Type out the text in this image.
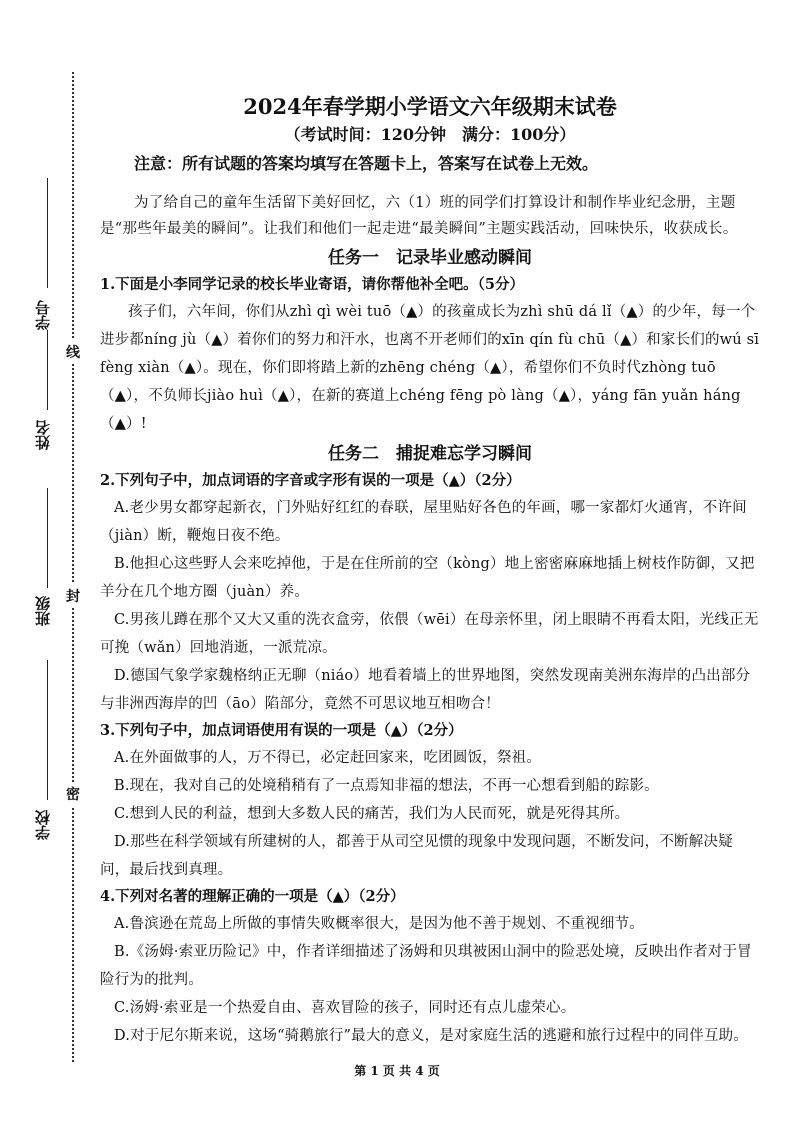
学号
姓名
班级
学校
线
封
密
2024年春学期小学语文六年级期末试卷
（考试时间：120分钟　满分：100分）
注意：所有试题的答案均填写在答题卡上，答案写在试卷上无效。
为了给自己的童年生活留下美好回忆，六（1）班的同学们打算设计和制作毕业纪念册，主题是“那些年最美的瞬间”。让我们和他们一起走进“最美瞬间”主题实践活动，回味快乐，收获成长。
任务一　记录毕业感动瞬间
1.下面是小李同学记录的校长毕业寄语，请你帮他补全吧。（5分）
孩子们，六年间，你们从zhì qì wèi tuō（▲）的孩童成长为zhì shū dá lǐ（▲）的少年，每一个进步都níng jù（▲）着你们的努力和汗水，也离不开老师们的xīn qín fù chū（▲）和家长们的wú sī fèng xiàn（▲）。现在，你们即将踏上新的zhēng chéng（▲），希望你们不负时代zhòng tuō（▲），不负师长jiào huì（▲），在新的赛道上chéng fēng pò làng（▲），yáng fān yuǎn háng（▲）!
任务二　捕捉难忘学习瞬间
2.下列句子中，加点词语的字音或字形有误的一项是（▲）（2分）
A.老少男女都穿起新衣，门外贴好红红的春联，屋里贴好各色的年画，哪一家都灯火通宵，不许间（jiàn）断，鞭炮日夜不绝。
B.他担心这些野人会来吃掉他，于是在住所前的空（kòng）地上密密麻麻地插上树枝作防御，又把羊分在几个地方圈（juàn）养。
C.男孩儿蹲在那个又大又重的洗衣盒旁，依偎（wēi）在母亲怀里，闭上眼睛不再看太阳，光线正无可挽（wǎn）回地消逝，一派荒凉。
D.德国气象学家魏格纳正无聊（niáo）地看着墙上的世界地图，突然发现南美洲东海岸的凸出部分与非洲西海岸的凹（āo）陷部分，竟然不可思议地互相吻合！
3.下列句子中，加点词语使用有误的一项是（▲）（2分）
A.在外面做事的人，万不得已，必定赶回家来，吃团圆饭，祭祖。
B.现在，我对自己的处境稍稍有了一点焉知非福的想法，不再一心想看到船的踪影。
C.想到人民的利益，想到大多数人民的痛苦，我们为人民而死，就是死得其所。
D.那些在科学领域有所建树的人，都善于从司空见惯的现象中发现问题，不断发问，不断解决疑问，最后找到真理。
4.下列对名著的理解正确的一项是（▲）（2分）
A.鲁滨逊在荒岛上所做的事情失败概率很大，是因为他不善于规划、不重视细节。
B.《汤姆·索亚历险记》中，作者详细描述了汤姆和贝琪被困山洞中的险恶处境，反映出作者对于冒险行为的批判。
C.汤姆·索亚是一个热爱自由、喜欢冒险的孩子，同时还有点儿虚荣心。
D.对于尼尔斯来说，这场“骑鹅旅行”最大的意义，是对家庭生活的逃避和旅行过程中的同伴互助。
第 1 页 共 4 页
